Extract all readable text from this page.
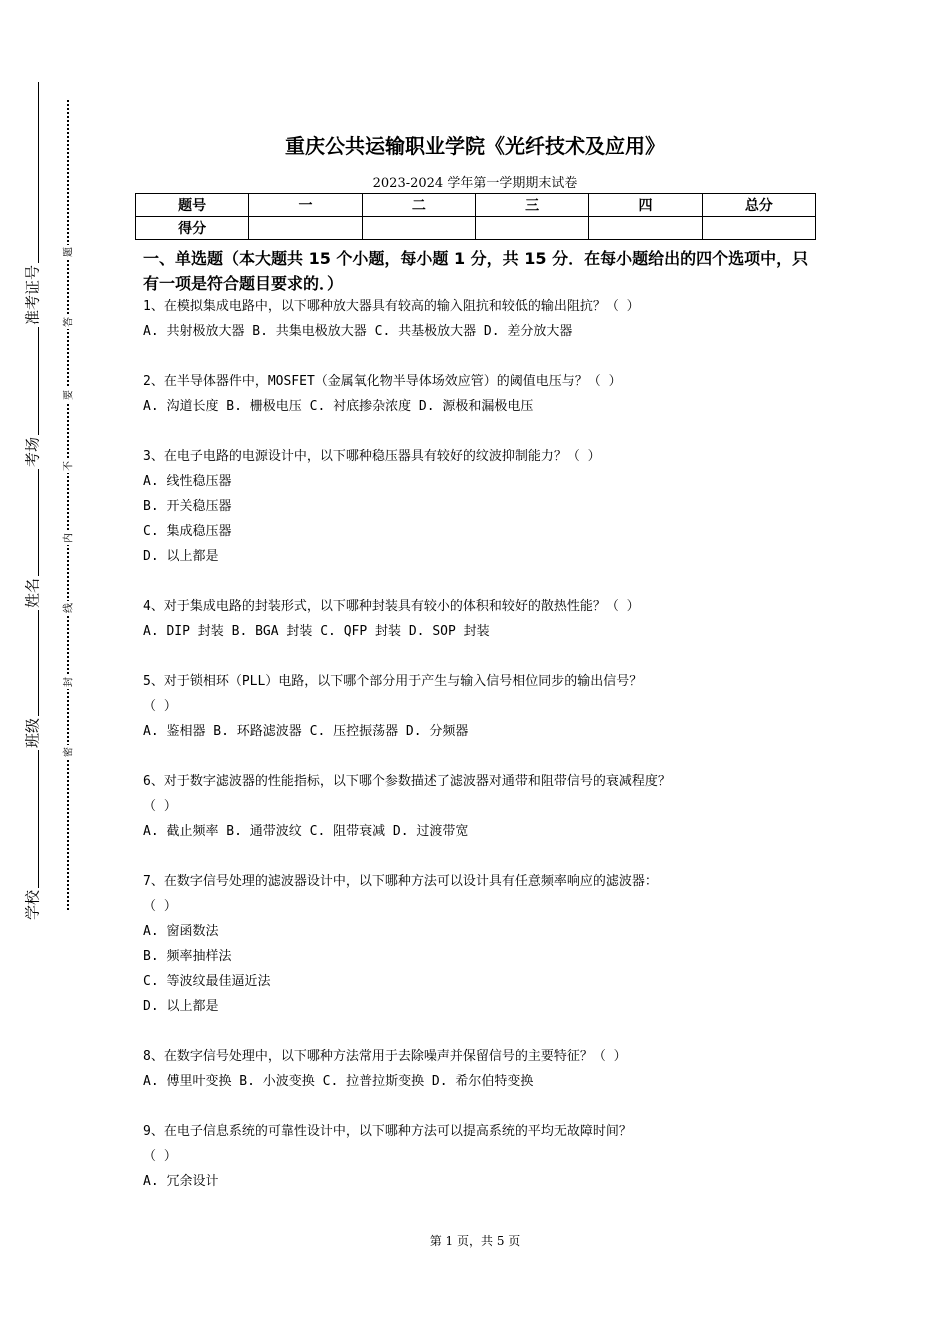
准考证号
考场
姓名
班级
学校
题
答
要
不
内
线
封
密
重庆公共运输职业学院《光纤技术及应用》
2023-2024 学年第一学期期末试卷
题号	一	二	三	四	总分
得分					
一、单选题（本大题共 15 个小题，每小题 1 分，共 15 分．在每小题给出的四个选项中，只有一项是符合题目要求的．）

1、在模拟集成电路中，以下哪种放大器具有较高的输入阻抗和较低的输出阻抗？（ ）

A. 共射极放大器 B. 共集电极放大器 C. 共基极放大器 D. 差分放大器

2、在半导体器件中，MOSFET（金属氧化物半导体场效应管）的阈值电压与？（ ）

A. 沟道长度 B. 栅极电压 C. 衬底掺杂浓度 D. 源极和漏极电压

3、在电子电路的电源设计中，以下哪种稳压器具有较好的纹波抑制能力？（ ）

A. 线性稳压器

B. 开关稳压器

C. 集成稳压器

D. 以上都是

4、对于集成电路的封装形式，以下哪种封装具有较小的体积和较好的散热性能？（ ）

A. DIP 封装 B. BGA 封装 C. QFP 封装 D. SOP 封装

5、对于锁相环（PLL）电路，以下哪个部分用于产生与输入信号相位同步的输出信号？

（ ）

A. 鉴相器 B. 环路滤波器 C. 压控振荡器 D. 分频器

6、对于数字滤波器的性能指标，以下哪个参数描述了滤波器对通带和阻带信号的衰减程度？

（ ）

A. 截止频率 B. 通带波纹 C. 阻带衰减 D. 过渡带宽

7、在数字信号处理的滤波器设计中，以下哪种方法可以设计具有任意频率响应的滤波器：

（ ）

A. 窗函数法

B. 频率抽样法

C. 等波纹最佳逼近法

D. 以上都是

8、在数字信号处理中，以下哪种方法常用于去除噪声并保留信号的主要特征？（ ）

A. 傅里叶变换 B. 小波变换 C. 拉普拉斯变换 D. 希尔伯特变换

9、在电子信息系统的可靠性设计中，以下哪种方法可以提高系统的平均无故障时间？

（ ）

A. 冗余设计

第 1 页，共 5 页
